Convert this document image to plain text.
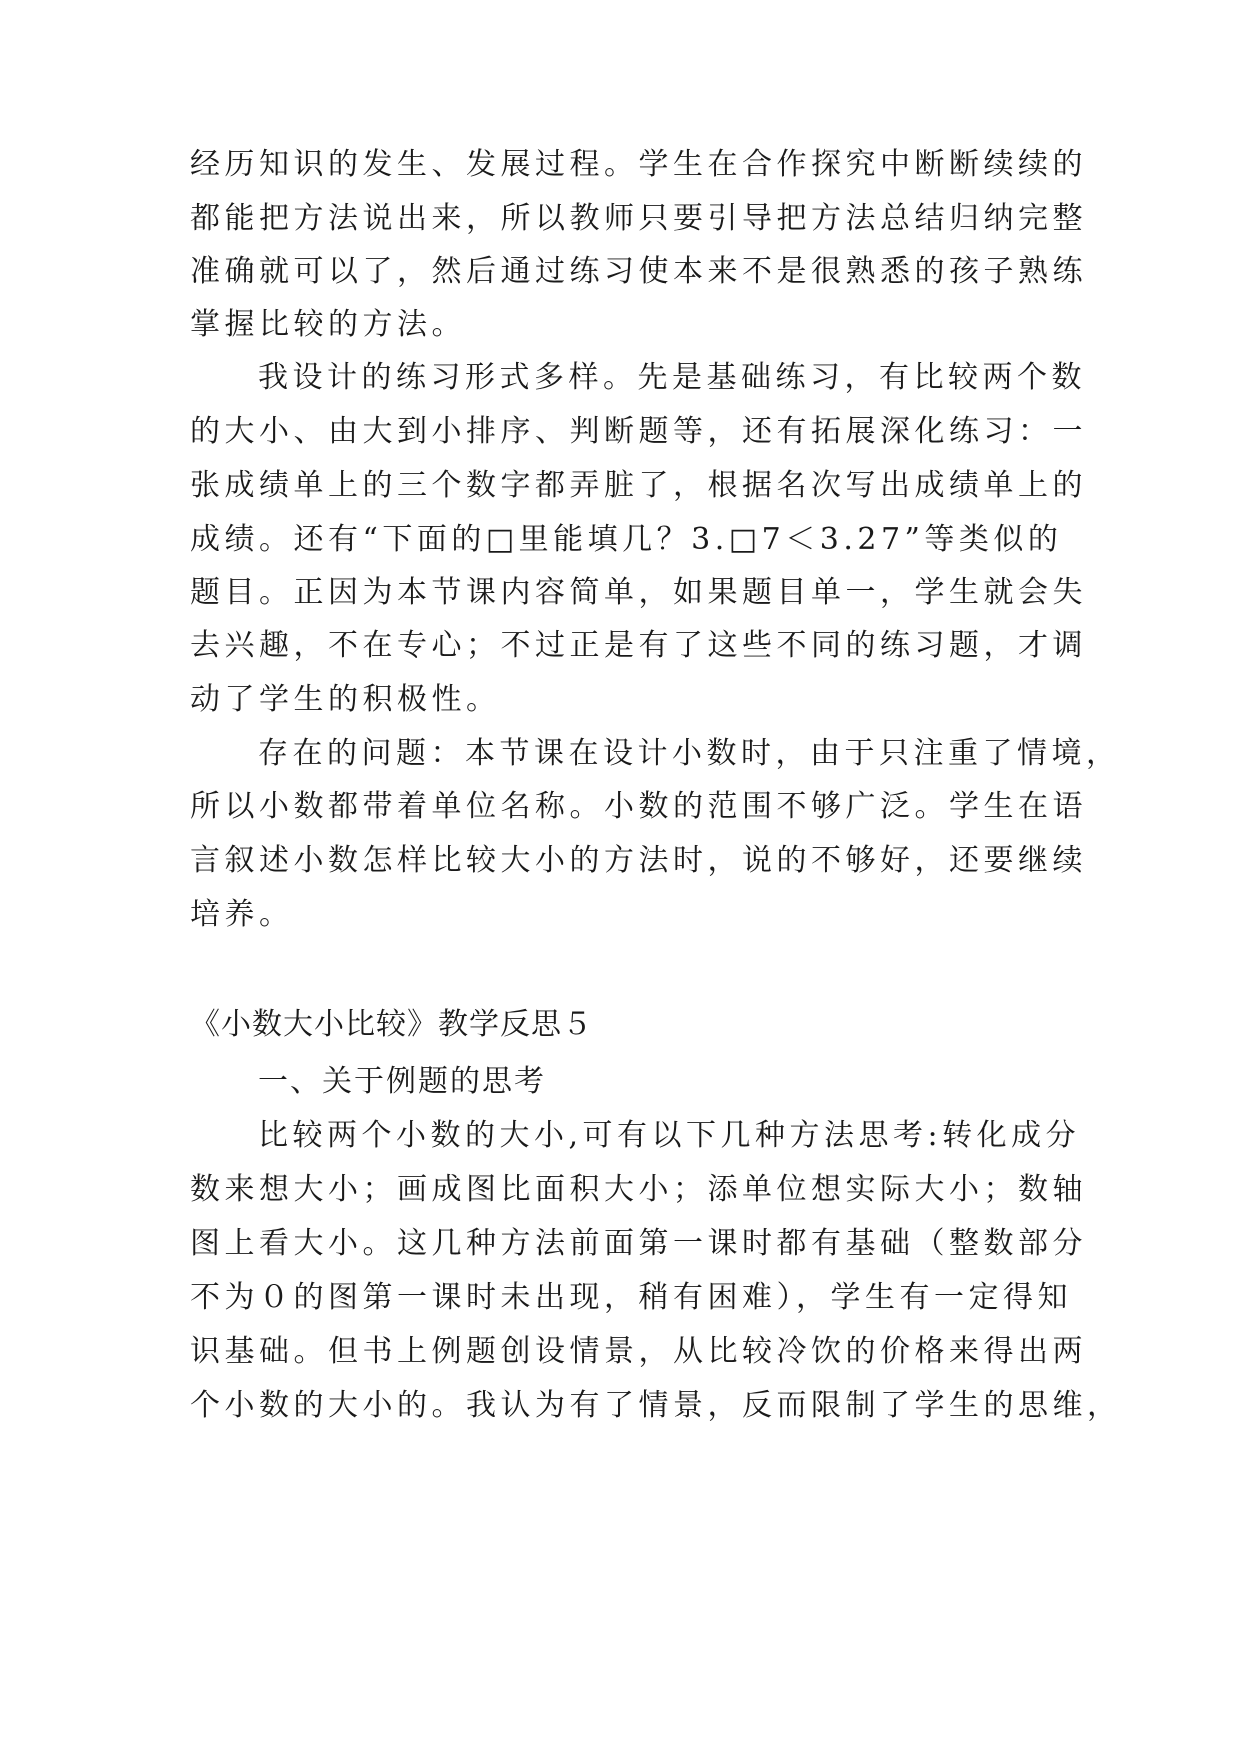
经历知识的发生、发展过程。学生在合作探究中断断续续的
都能把方法说出来，所以教师只要引导把方法总结归纳完整
准确就可以了，然后通过练习使本来不是很熟悉的孩子熟练
掌握比较的方法。
我设计的练习形式多样。先是基础练习，有比较两个数
的大小、由大到小排序、判断题等，还有拓展深化练习：一
张成绩单上的三个数字都弄脏了，根据名次写出成绩单上的
成绩。还有“下面的□里能填几？3.□7＜3.27”等类似的
题目。正因为本节课内容简单，如果题目单一，学生就会失
去兴趣，不在专心；不过正是有了这些不同的练习题，才调
动了学生的积极性。
存在的问题：本节课在设计小数时，由于只注重了情境，
所以小数都带着单位名称。小数的范围不够广泛。学生在语
言叙述小数怎样比较大小的方法时，说的不够好，还要继续
培养。
《小数大小比较》教学反思５
一、关于例题的思考
比较两个小数的大小,可有以下几种方法思考:转化成分
数来想大小；画成图比面积大小；添单位想实际大小；数轴
图上看大小。这几种方法前面第一课时都有基础（整数部分
不为０的图第一课时未出现，稍有困难），学生有一定得知
识基础。但书上例题创设情景，从比较冷饮的价格来得出两
个小数的大小的。我认为有了情景，反而限制了学生的思维，
